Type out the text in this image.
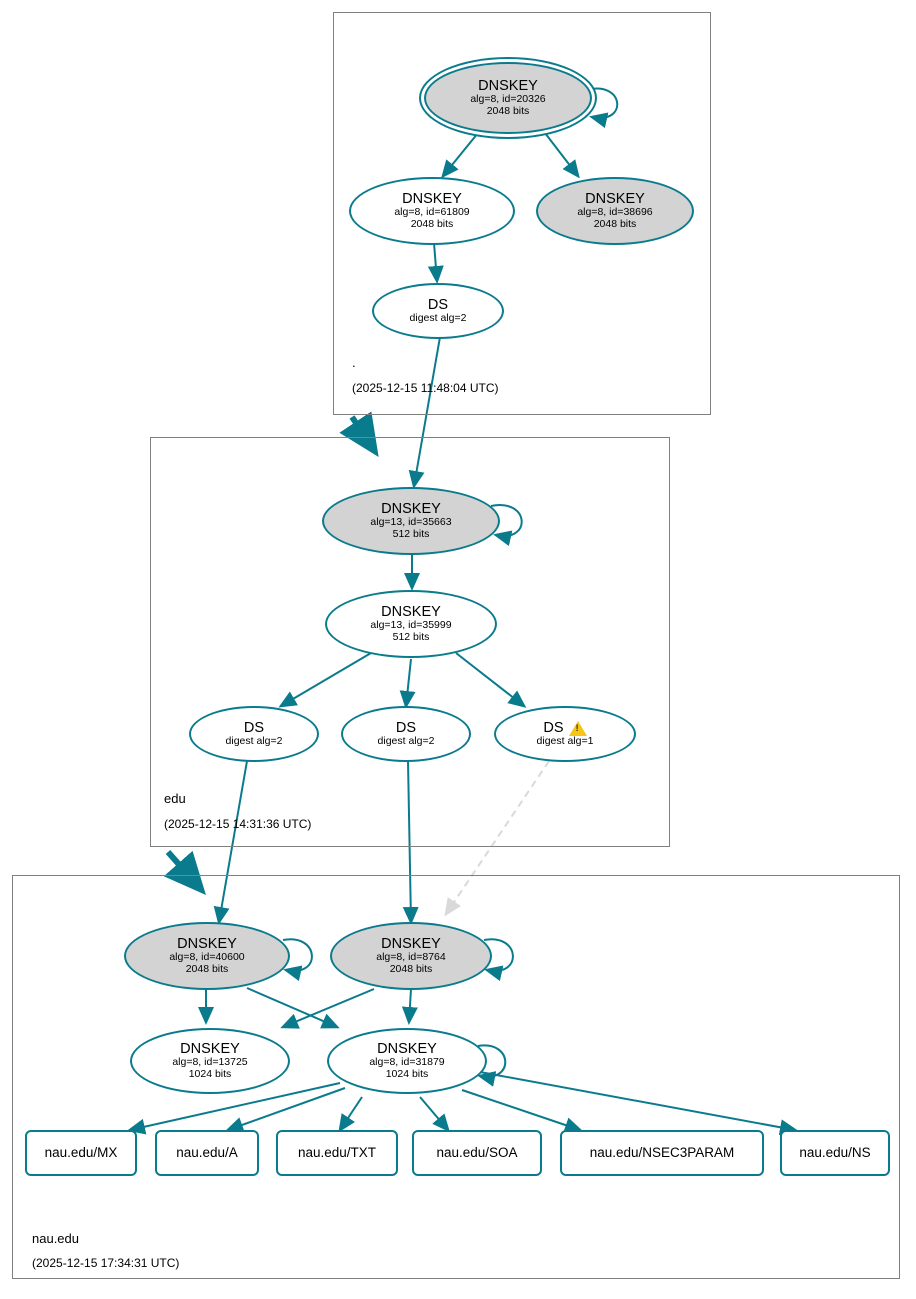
.
(2025-12-15 11:48:04 UTC)
edu
(2025-12-15 14:31:36 UTC)
nau.edu
(2025-12-15 17:34:31 UTC)
DNSKEY
alg=8, id=20326
2048 bits
DNSKEY
alg=8, id=61809
2048 bits
DNSKEY
alg=8, id=38696
2048 bits
DS
digest alg=2
DNSKEY
alg=13, id=35663
512 bits
DNSKEY
alg=13, id=35999
512 bits
DS
digest alg=2
DS
digest alg=2
DS
!
digest alg=1
DNSKEY
alg=8, id=40600
2048 bits
DNSKEY
alg=8, id=8764
2048 bits
DNSKEY
alg=8, id=13725
1024 bits
DNSKEY
alg=8, id=31879
1024 bits
nau.edu/MX	nau.edu/A	nau.edu/TXT	nau.edu/SOA	nau.edu/NSEC3PARAM	nau.edu/NS
